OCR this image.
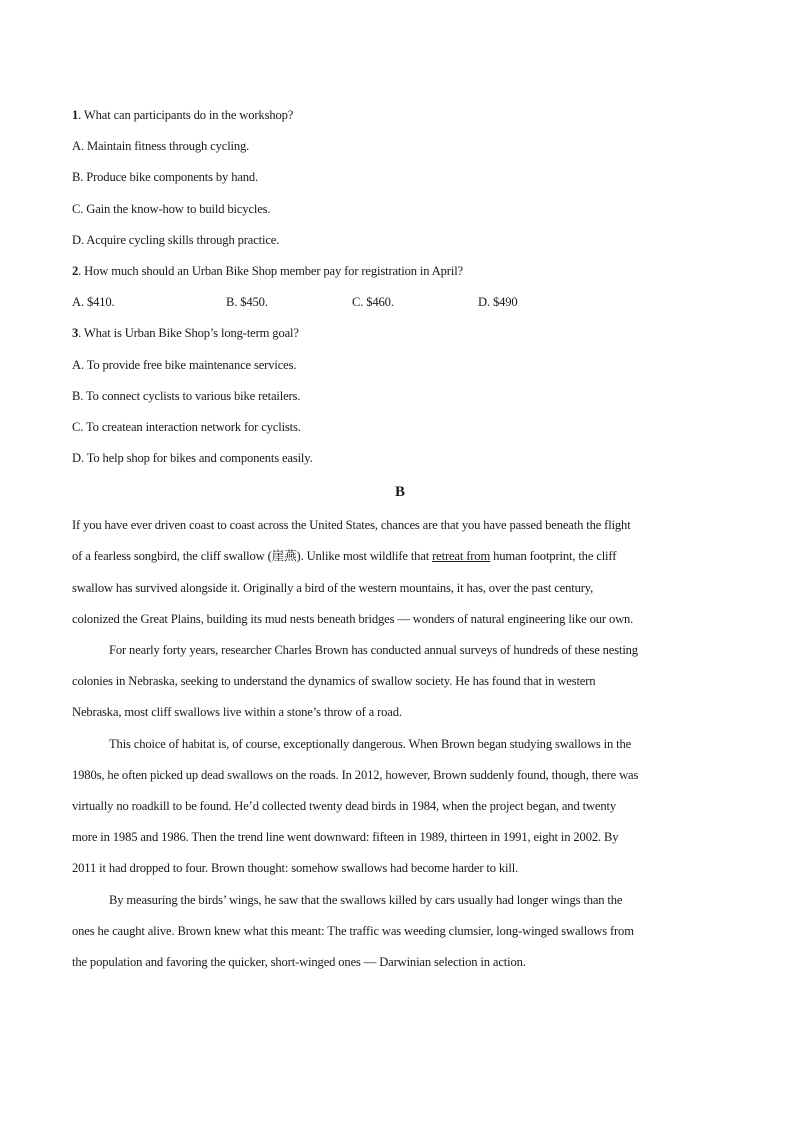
1. What can participants do in the workshop?
A. Maintain fitness through cycling.
B. Produce bike components by hand.
C. Gain the know-how to build bicycles.
D. Acquire cycling skills through practice.
2. How much should an Urban Bike Shop member pay for registration in April?
A. $410.	B. $450.	C. $460.	D. $490
3. What is Urban Bike Shop’s long-term goal?
A. To provide free bike maintenance services.
B. To connect cyclists to various bike retailers.
C. To createan interaction network for cyclists.
D. To help shop for bikes and components easily.
B
If you have ever driven coast to coast across the United States, chances are that you have passed beneath the flight
of a fearless songbird, the cliff swallow (崖燕). Unlike most wildlife that retreat from human footprint, the cliff
swallow has survived alongside it. Originally a bird of the western mountains, it has, over the past century,
colonized the Great Plains, building its mud nests beneath bridges — wonders of natural engineering like our own.
For nearly forty years, researcher Charles Brown has conducted annual surveys of hundreds of these nesting
colonies in Nebraska, seeking to understand the dynamics of swallow society. He has found that in western
Nebraska, most cliff swallows live within a stone’s throw of a road.
This choice of habitat is, of course, exceptionally dangerous. When Brown began studying swallows in the
1980s, he often picked up dead swallows on the roads. In 2012, however, Brown suddenly found, though, there was
virtually no roadkill to be found. He’d collected twenty dead birds in 1984, when the project began, and twenty
more in 1985 and 1986. Then the trend line went downward: fifteen in 1989, thirteen in 1991, eight in 2002. By
2011 it had dropped to four. Brown thought: somehow swallows had become harder to kill.
By measuring the birds’ wings, he saw that the swallows killed by cars usually had longer wings than the
ones he caught alive. Brown knew what this meant: The traffic was weeding clumsier, long-winged swallows from
the population and favoring the quicker, short-winged ones — Darwinian selection in action.
